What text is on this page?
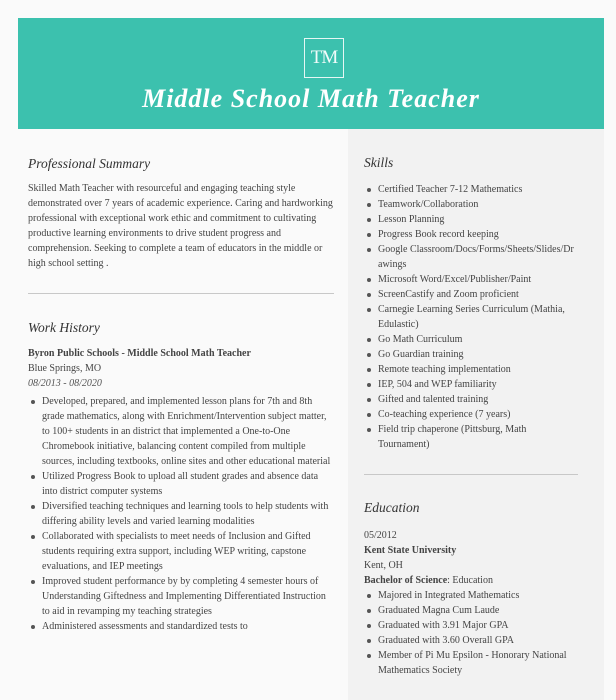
TM
Middle School Math Teacher
Professional Summary

Skilled Math Teacher with resourceful and engaging teaching style demonstrated over 7 years of academic experience. Caring and hardworking professional with exceptional work ethic and commitment to cultivating productive learning environments to drive student progress and comprehension. Seeking to complete a team of educators in the middle or high school setting .

Work History
Byron Public Schools - Middle School Math Teacher
Blue Springs, MO
08/2013 - 08/2020
Developed, prepared, and implemented lesson plans for 7th and 8th grade mathematics, along with Enrichment/Intervention subject matter, to 100+ students in an district that implemented a One-to-One Chromebook initiative, balancing content compiled from multiple sources, including textbooks, online sites and other educational material
Utilized Progress Book to upload all student grades and absence data into district computer systems
Diversified teaching techniques and learning tools to help students with differing ability levels and varied learning modalities
Collaborated with specialists to meet needs of Inclusion and Gifted students requiring extra support, including WEP writing, capstone evaluations, and IEP meetings
Improved student performance by by completing 4 semester hours of Understanding Giftedness and Implementing Differentiated Instruction to aid in revamping my teaching strategies
Administered assessments and standardized tests to
Skills
Certified Teacher 7-12 Mathematics
Teamwork/Collaboration
Lesson Planning
Progress Book record keeping
Google Classroom/Docs/Forms/Sheets/Slides/Drawings
Microsoft Word/Excel/Publisher/Paint
ScreenCastify and Zoom proficient
Carnegie Learning Series Curriculum (Mathia, Edulastic)
Go Math Curriculum
Go Guardian training
Remote teaching implementation
IEP, 504 and WEP familiarity
Gifted and talented training
Co-teaching experience (7 years)
Field trip chaperone (Pittsburg, Math Tournament)
Education
05/2012
Kent State University
Kent, OH
Bachelor of Science: Education
Majored in Integrated Mathematics
Graduated Magna Cum Laude
Graduated with 3.91 Major GPA
Graduated with 3.60 Overall GPA
Member of Pi Mu Epsilon - Honorary National Mathematics Society
